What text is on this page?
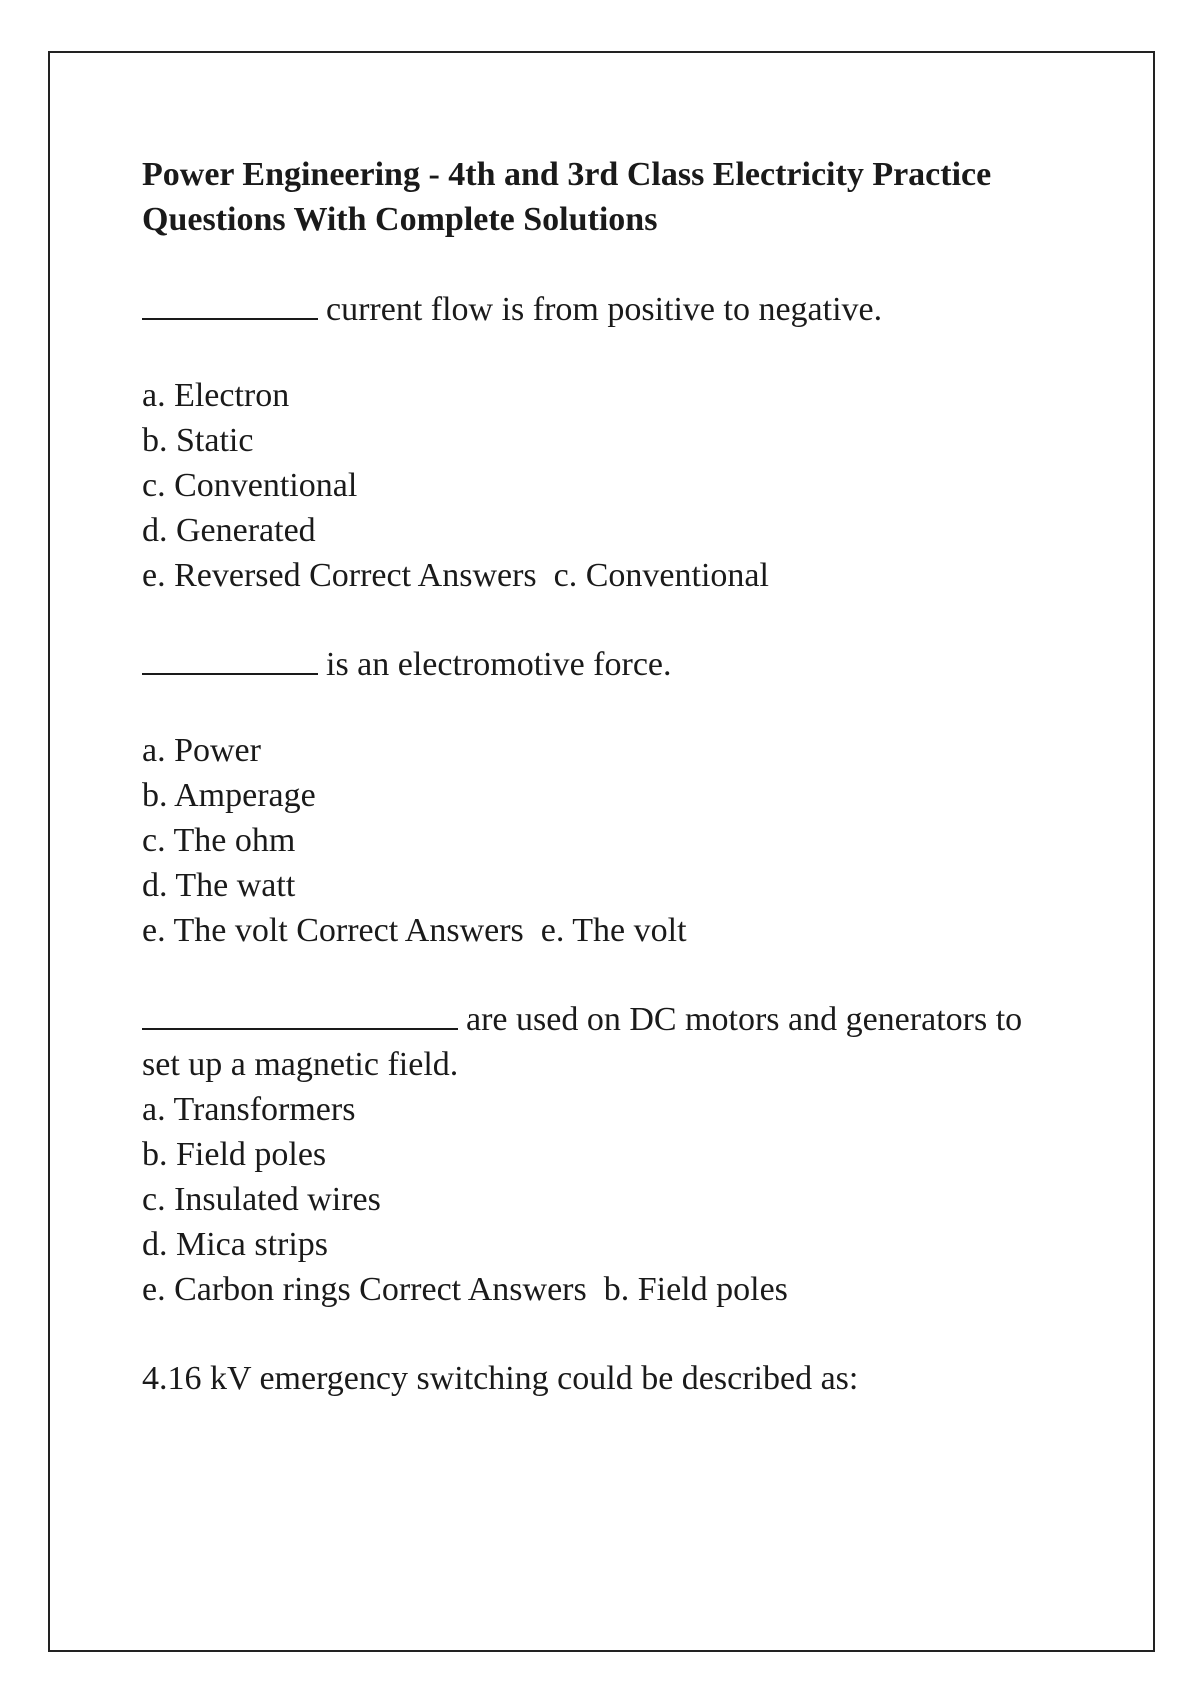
Power Engineering - 4th and 3rd Class Electricity Practice
Questions With Complete Solutions

current flow is from positive to negative.

a. Electron
b. Static
c. Conventional
d. Generated
e. Reversed Correct Answers  c. Conventional

is an electromotive force.

a. Power
b. Amperage
c. The ohm
d. The watt
e. The volt Correct Answers  e. The volt

are used on DC motors and generators to
set up a magnetic field.

a. Transformers
b. Field poles
c. Insulated wires
d. Mica strips
e. Carbon rings Correct Answers  b. Field poles

4.16 kV emergency switching could be described as:
